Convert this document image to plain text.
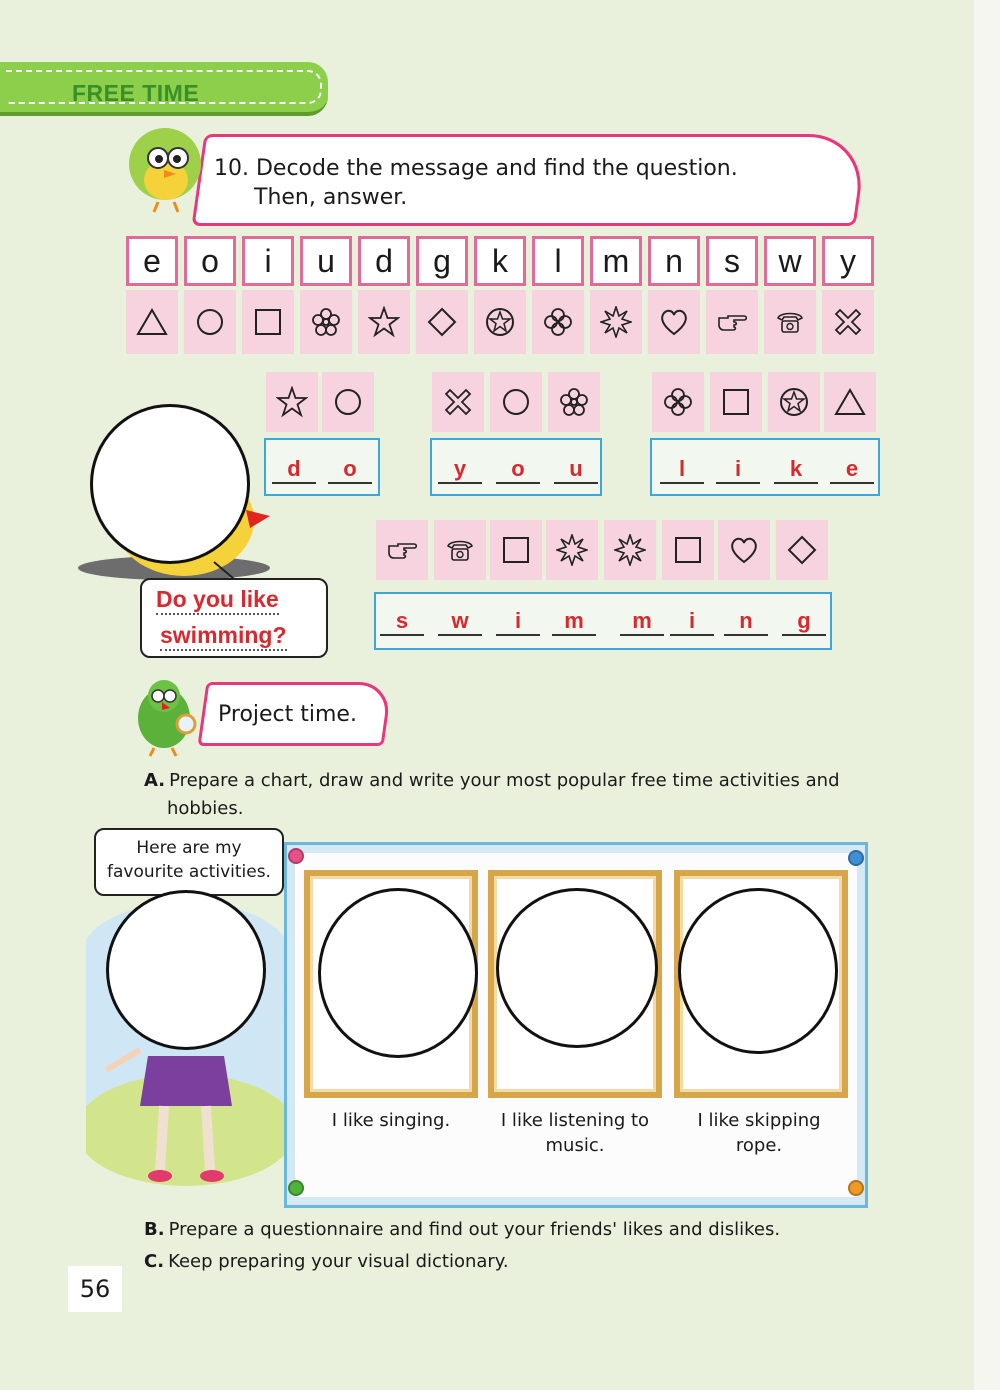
FREE TIME
10. Decode the message and find the question.
Then, answer.
e	o	i	u	d	g	k	l	m	n	s	w	y
d	o	y	o	u	l	i	k	e
s	w	i	m	m	i	n	g
Do you like
swimming?
Project time.
A. Prepare a chart, draw and write your most popular free time activities and
hobbies.
Here are my
favourite activities.
I like singing.	I like listening to
music.
I like skipping
rope.
B. Prepare a questionnaire and find out your friends' likes and dislikes.
C. Keep preparing your visual dictionary.
56
